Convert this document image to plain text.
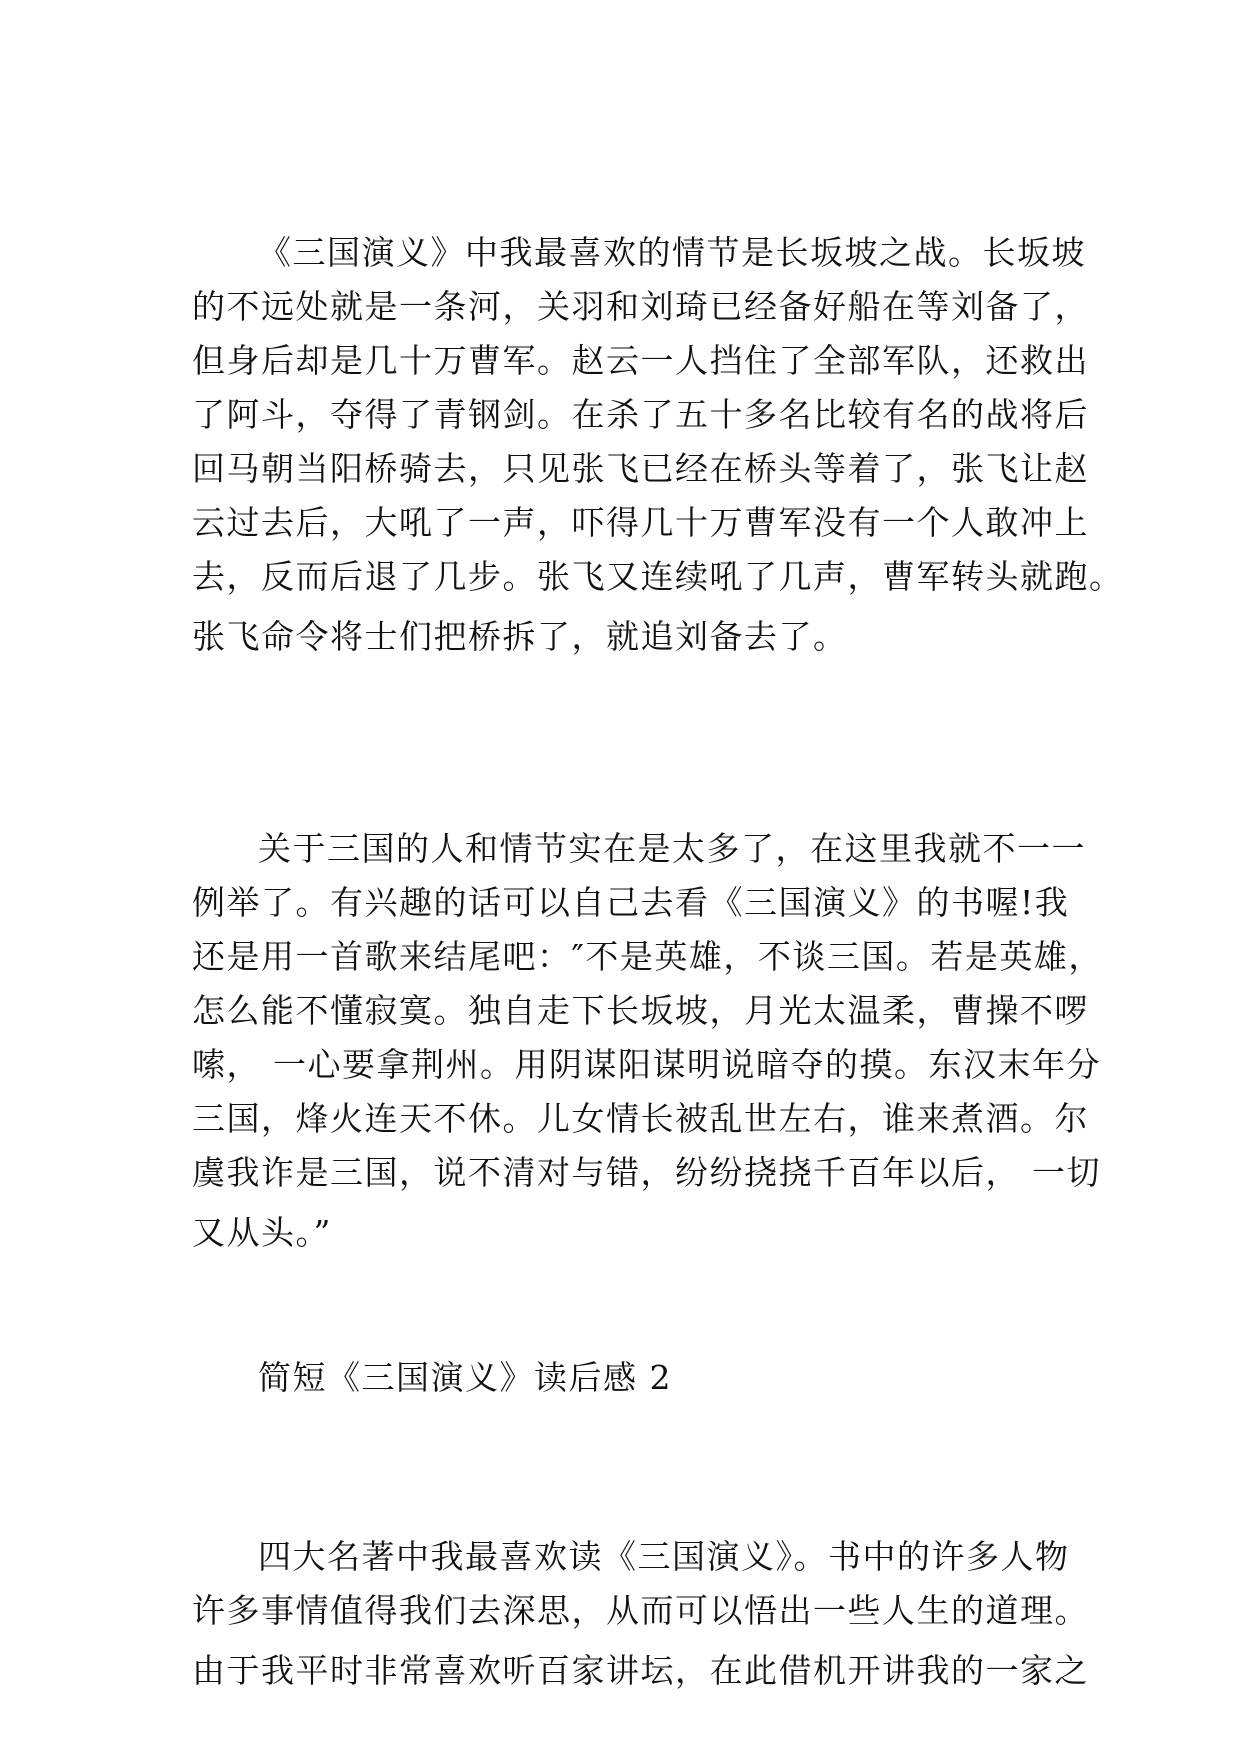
《三国演义》中我最喜欢的情节是长坂坡之战。长坂坡
的不远处就是一条河，关羽和刘琦已经备好船在等刘备了，
但身后却是几十万曹军。赵云一人挡住了全部军队，还救出
了阿斗，夺得了青钢剑。在杀了五十多名比较有名的战将后
回马朝当阳桥骑去，只见张飞已经在桥头等着了，张飞让赵
云过去后，大吼了一声，吓得几十万曹军没有一个人敢冲上
去，反而后退了几步。张飞又连续吼了几声，曹军转头就跑。
张飞命令将士们把桥拆了，就追刘备去了。
关于三国的人和情节实在是太多了，在这里我就不一一
例举了。有兴趣的话可以自己去看《三国演义》的书喔!我
还是用一首歌来结尾吧：″不是英雄，不谈三国。若是英雄，
怎么能不懂寂寞。独自走下长坂坡，月光太温柔，曹操不啰
嗦， 一心要拿荆州。用阴谋阳谋明说暗夺的摸。东汉末年分
三国，烽火连天不休。儿女情长被乱世左右，谁来煮酒。尔
虞我诈是三国，说不清对与错，纷纷挠挠千百年以后， 一切
又从头。”
简短《三国演义》读后感 2
四大名著中我最喜欢读《三国演义》。书中的许多人物
许多事情值得我们去深思，从而可以悟出一些人生的道理。
由于我平时非常喜欢听百家讲坛，在此借机开讲我的一家之
